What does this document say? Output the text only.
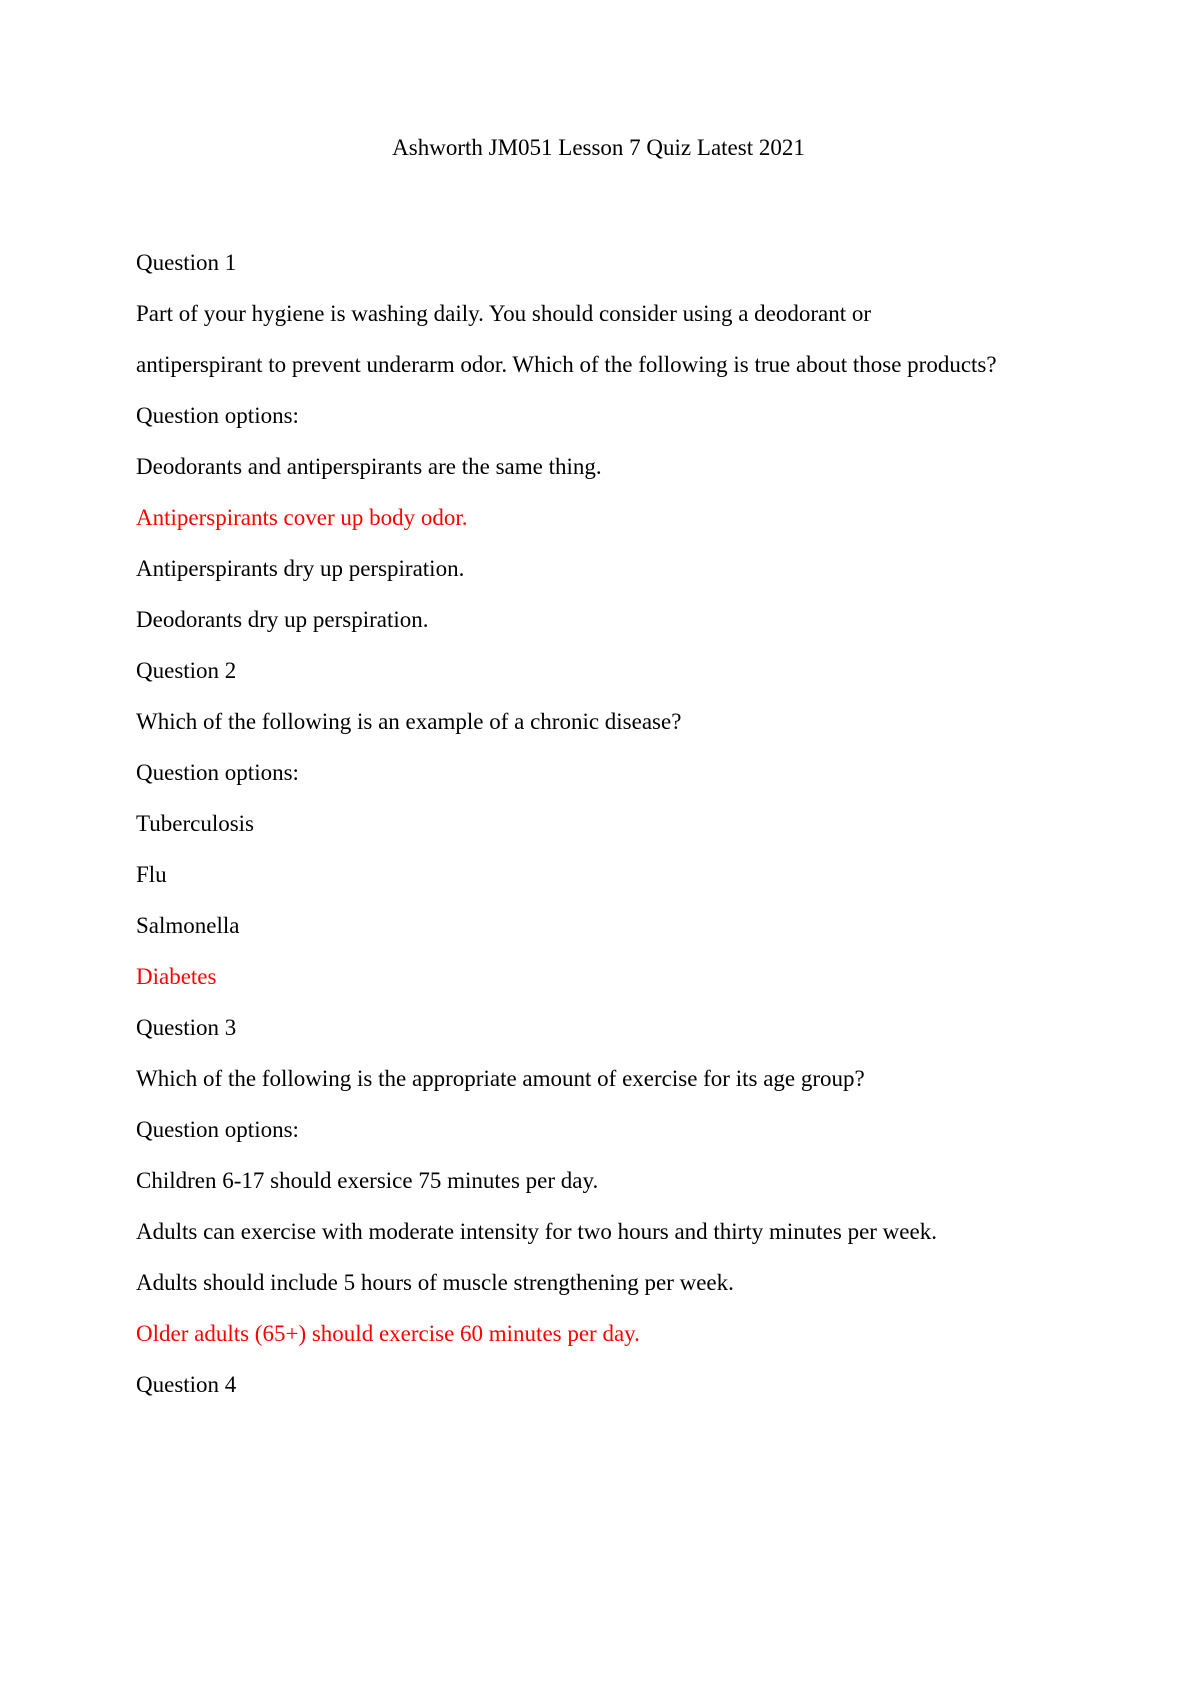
Ashworth JM051 Lesson 7 Quiz Latest 2021

Question 1

Part of your hygiene is washing daily. You should consider using a deodorant or

antiperspirant to prevent underarm odor. Which of the following is true about those products?

Question options:

Deodorants and antiperspirants are the same thing.

Antiperspirants cover up body odor.

Antiperspirants dry up perspiration.

Deodorants dry up perspiration.

Question 2

Which of the following is an example of a chronic disease?

Question options:

Tuberculosis

Flu

Salmonella

Diabetes

Question 3

Which of the following is the appropriate amount of exercise for its age group?

Question options:

Children 6-17 should exersice 75 minutes per day.

Adults can exercise with moderate intensity for two hours and thirty minutes per week.

Adults should include 5 hours of muscle strengthening per week.

Older adults (65+) should exercise 60 minutes per day.

Question 4
